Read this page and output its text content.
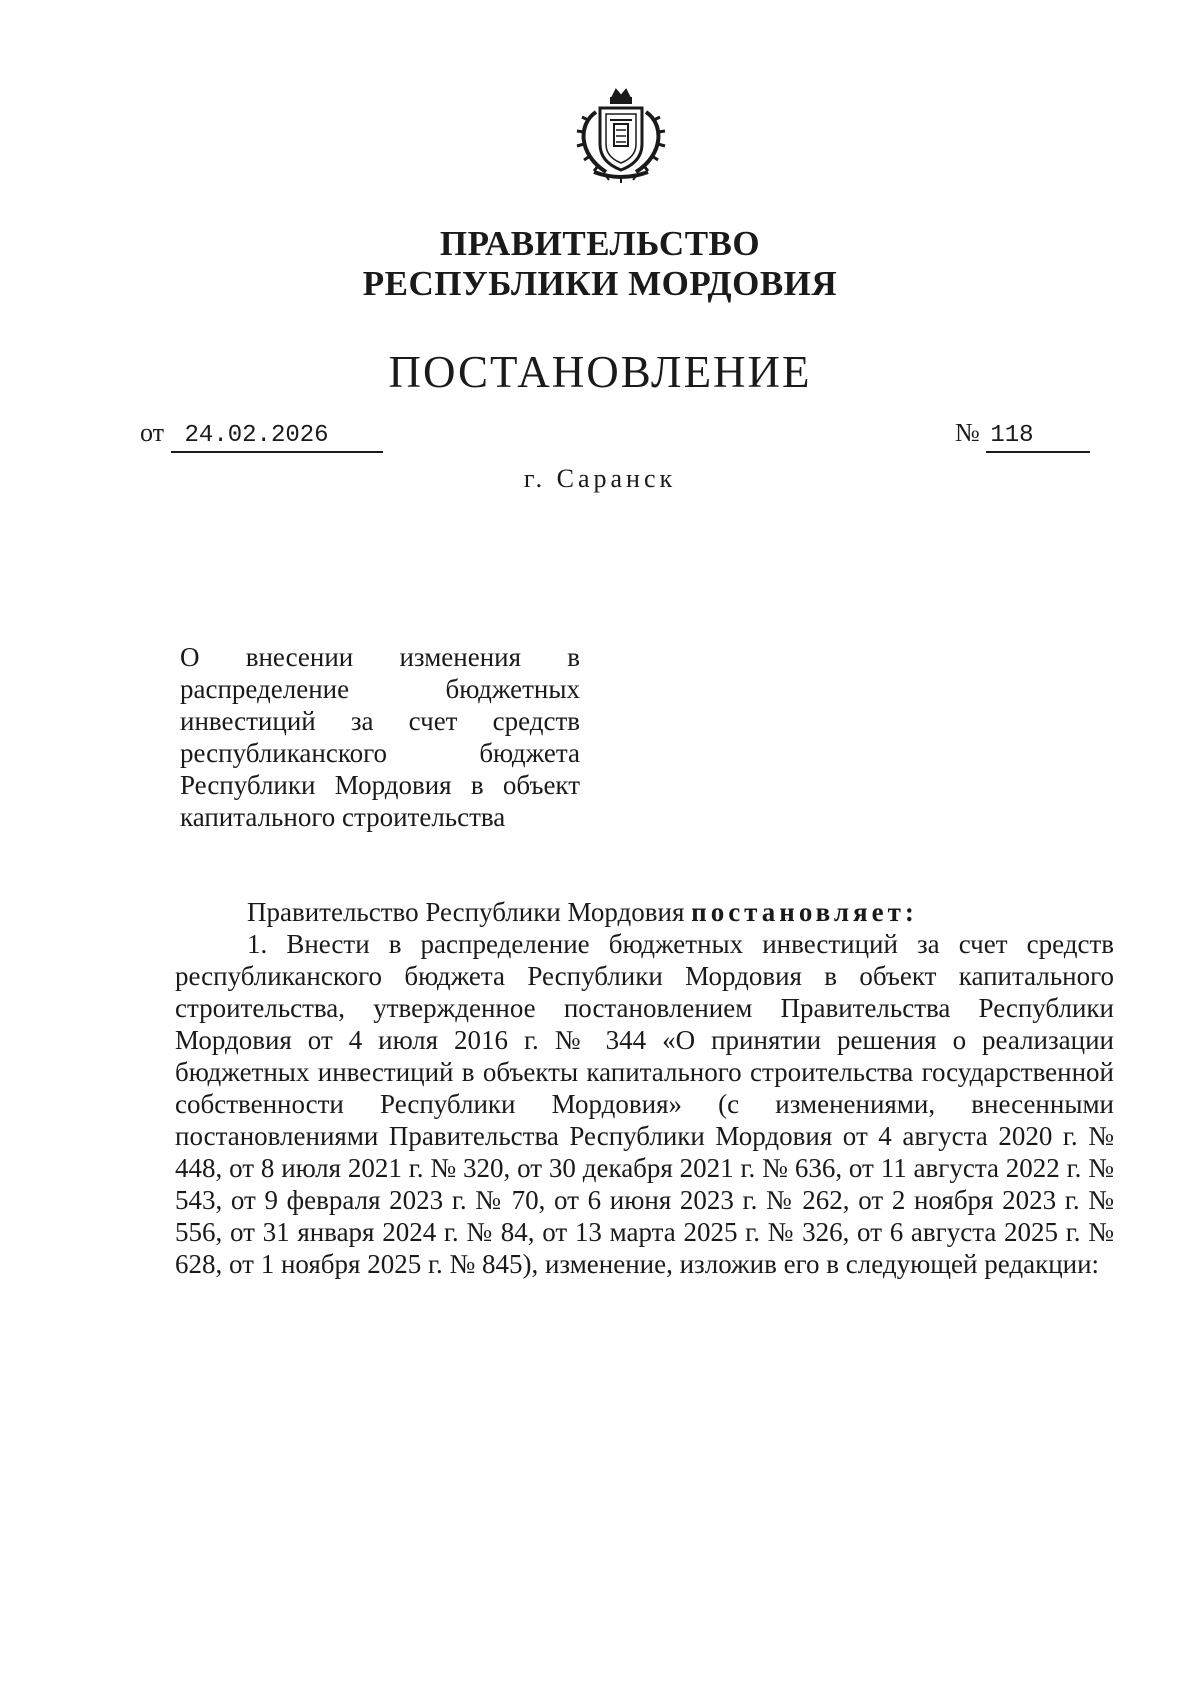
ПРАВИТЕЛЬСТВО
РЕСПУБЛИКИ МОРДОВИЯ
ПОСТАНОВЛЕНИЕ
от 24.02.2026	№ 118
г. Саранск
О внесении изменения в распределение бюджетных инвестиций за счет средств республиканского бюджета Республики Мордовия в объект капитального строительства

Правительство Республики Мордовия постановляет:

1. Внести в распределение бюджетных инвестиций за счет средств республиканского бюджета Республики Мордовия в объект капитального строительства, утвержденное постановлением Правительства Республики Мордовия от 4 июля 2016 г. № 344 «О принятии решения о реализации бюджетных инвестиций в объекты капитального строительства государственной собственности Республики Мордовия» (с изменениями, внесенными постановлениями Правительства Республики Мордовия от 4 августа 2020 г. № 448, от 8 июля 2021 г. № 320, от 30 декабря 2021 г. № 636, от 11 августа 2022 г. № 543, от 9 февраля 2023 г. № 70, от 6 июня 2023 г. № 262, от 2 ноября 2023 г. № 556, от 31 января 2024 г. № 84, от 13 марта 2025 г. № 326, от 6 августа 2025 г. № 628, от 1 ноября 2025 г. № 845), изменение, изложив его в следующей редакции:
